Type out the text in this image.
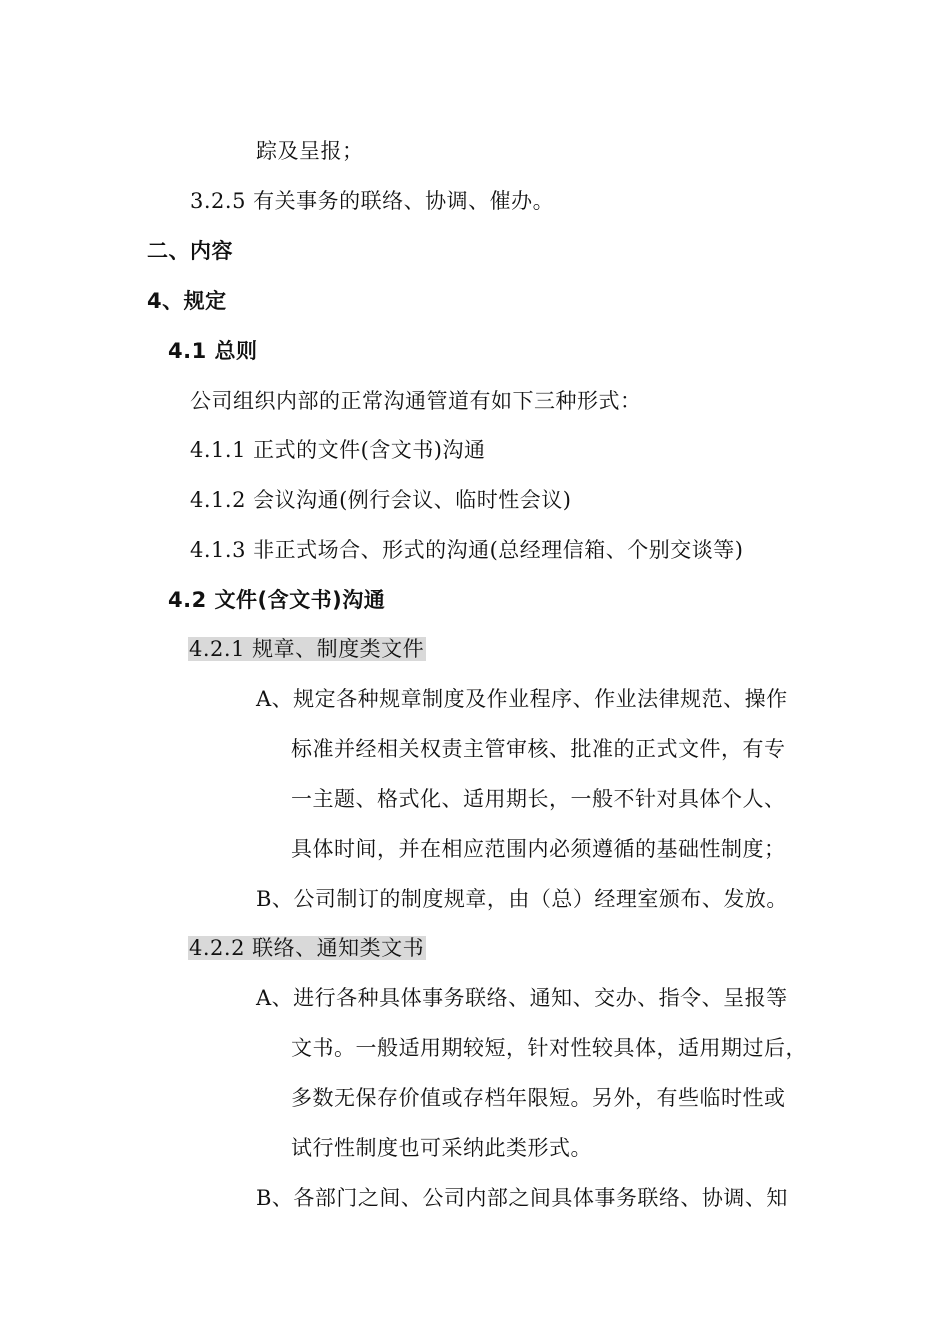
踪及呈报；
3.2.5 有关事务的联络、协调、催办。
二、内容
4、规定
4.1 总则
公司组织内部的正常沟通管道有如下三种形式：
4.1.1 正式的文件(含文书)沟通
4.1.2 会议沟通(例行会议、临时性会议)
4.1.3 非正式场合、形式的沟通(总经理信箱、个别交谈等)
4.2 文件(含文书)沟通
4.2.1 规章、制度类文件
A、规定各种规章制度及作业程序、作业法律规范、操作
标准并经相关权责主管审核、批准的正式文件，有专
一主题、格式化、适用期长，一般不针对具体个人、
具体时间，并在相应范围内必须遵循的基础性制度；
B、公司制订的制度规章，由（总）经理室颁布、发放。
4.2.2 联络、通知类文书
A、进行各种具体事务联络、通知、交办、指令、呈报等
文书。一般适用期较短，针对性较具体，适用期过后，
多数无保存价值或存档年限短。另外，有些临时性或
试行性制度也可采纳此类形式。
B、各部门之间、公司内部之间具体事务联络、协调、知
